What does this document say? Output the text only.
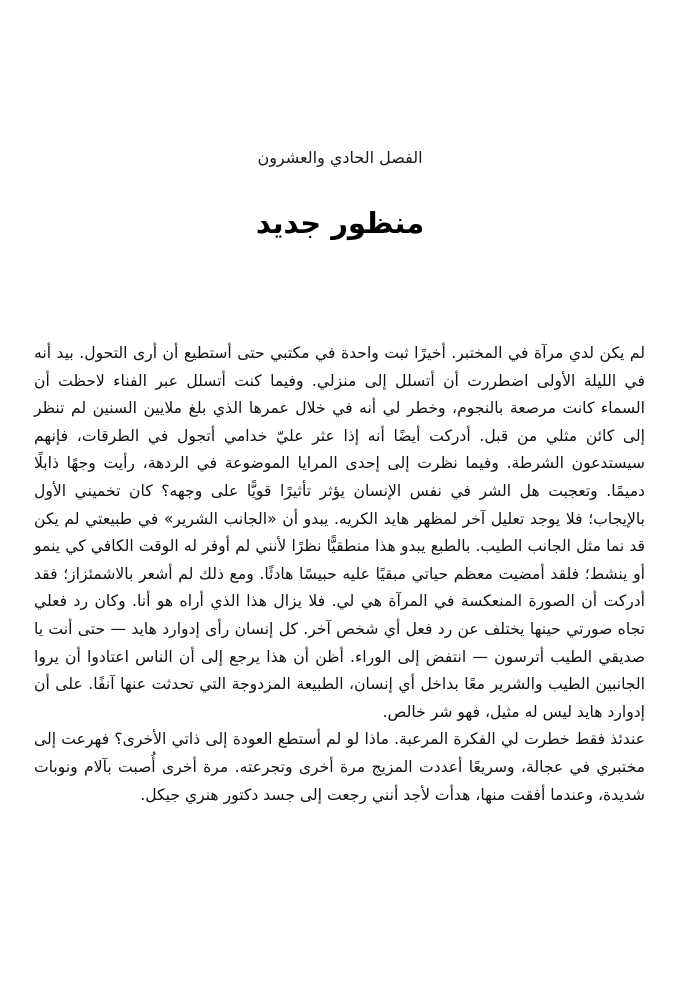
الفصل الحادي والعشرون
منظور جديد

لم يكن لدي مرآة في المختبر. أخيرًا ثبت واحدة في مكتبي حتى أستطيع أن أرى التحول. بيد أنه في الليلة الأولى اضطررت أن أتسلل إلى منزلي. وفيما كنت أتسلل عبر الفناء لاحظت أن السماء كانت مرصعة بالنجوم، وخطر لي أنه في خلال عمرها الذي بلغ ملايين السنين لم تنظر إلى كائن مثلي من قبل. أدركت أيضًا أنه إذا عثر عليّ خدامي أتجول في الطرقات، فإنهم سيستدعون الشرطة. وفيما نظرت إلى إحدى المرايا الموضوعة في الردهة، رأيت وجهًا ذابلًا دميمًا. وتعجبت هل الشر في نفس الإنسان يؤثر تأثيرًا قويًّا على وجهه؟ كان تخميني الأول بالإيجاب؛ فلا يوجد تعليل آخر لمظهر هايد الكريه. يبدو أن «الجانب الشرير» في طبيعتي لم يكن قد نما مثل الجانب الطيب. بالطبع يبدو هذا منطقيًّا نظرًا لأنني لم أوفر له الوقت الكافي كي ينمو أو ينشط؛ فلقد أمضيت معظم حياتي مبقيًا عليه حبيسًا هادئًا. ومع ذلك لم أشعر بالاشمئزاز؛ فقد أدركت أن الصورة المنعكسة في المرآة هي لي. فلا يزال هذا الذي أراه هو أنا. وكان رد فعلي تجاه صورتي حينها يختلف عن رد فعل أي شخص آخر. كل إنسان رأى إدوارد هايد — حتى أنت يا صديقي الطيب أترسون — انتفض إلى الوراء. أظن أن هذا يرجع إلى أن الناس اعتادوا أن يروا الجانبين الطيب والشرير معًا بداخل أي إنسان، الطبيعة المزدوجة التي تحدثت عنها آنفًا. على أن إدوارد هايد ليس له مثيل، فهو شر خالص.

عندئذ فقط خطرت لي الفكرة المرعبة. ماذا لو لم أستطع العودة إلى ذاتي الأخرى؟ فهرعت إلى مختبري في عجالة، وسريعًا أعددت المزيج مرة أخرى وتجرعته. مرة أخرى أُصبت بآلام ونوبات شديدة، وعندما أفقت منها، هدأت لأجد أنني رجعت إلى جسد دكتور هنري جيكل.
